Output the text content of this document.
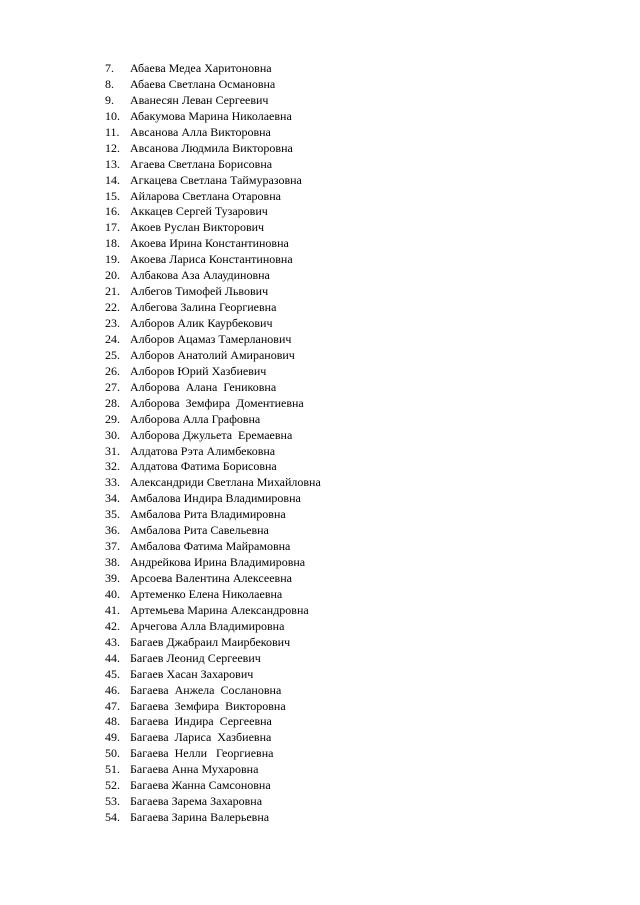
7.	Абаева Медеа Харитоновна
8.	Абаева Светлана Османовна
9.	Аванесян Леван Сергеевич
10. Абакумова Марина Николаевна
11. Авсанова Алла Викторовна
12. Авсанова Людмила Викторовна
13. Агаева Светлана Борисовна
14. Агкацева Светлана Таймуразовна
15. Айларова Светлана Отаровна
16. Аккацев Сергей Тузарович
17. Акоев Руслан Викторович
18. Акоева Ирина Константиновна
19. Акоева Лариса Константиновна
20. Албакова Аза Алаудиновна
21. Албегов Тимофей Львович
22. Албегова Залина Георгиевна
23. Алборов Алик Каурбекович
24. Алборов Ацамаз Тамерланович
25. Алборов Анатолий Амиранович
26. Алборов Юрий Хазбиевич
27. Алборова  Алана  Гениковна
28. Алборова  Земфира  Доментиевна
29. Алборова Алла Графовна
30. Алборова Джульета  Еремаевна
31. Алдатова Рэта Алимбековна
32. Алдатова Фатима Борисовна
33. Александриди Светлана Михайловна
34. Амбалова Индира Владимировна
35. Амбалова Рита Владимировна
36. Амбалова Рита Савельевна
37. Амбалова Фатима Майрамовна
38. Андрейкова Ирина Владимировна
39. Арсоева Валентина Алексеевна
40. Артеменко Елена Николаевна
41. Артемьева Марина Александровна
42. Арчегова Алла Владимировна
43. Багаев Джабраил Маирбекович
44. Багаев Леонид Сергеевич
45. Багаев Хасан Захарович
46. Багаева  Анжела  Сослановна
47. Багаева  Земфира  Викторовна
48. Багаева  Индира  Сергеевна
49. Багаева  Лариса  Хазбиевна
50. Багаева  Нелли   Георгиевна
51. Багаева Анна Мухаровна
52. Багаева Жанна Самсоновна
53. Багаева Зарема Захаровна
54. Багаева Зарина Валерьевна
